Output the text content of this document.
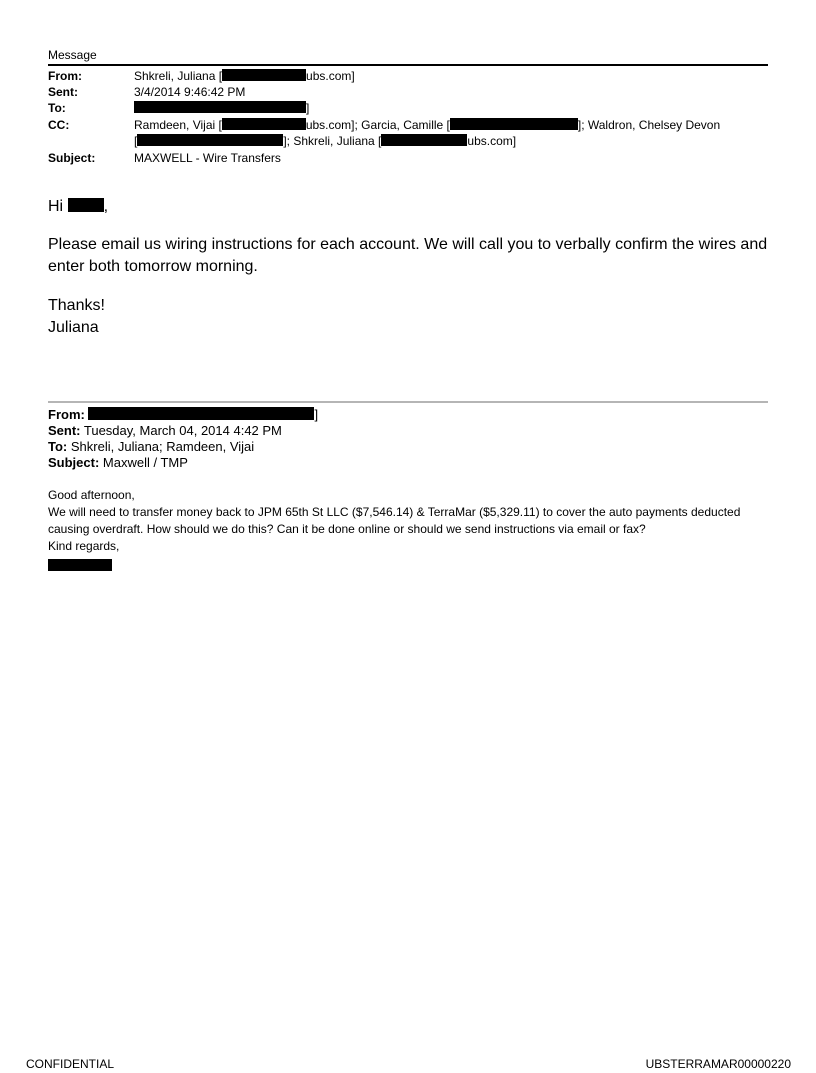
Message
From:	Shkreli, Juliana [	ubs.com]
Sent:	3/4/2014 9:46:42 PM
To:	]
CC:	Ramdeen, Vijai [	ubs.com]; Garcia, Camille [	]; Waldron, Chelsey Devon
[	]; Shkreli, Juliana [	ubs.com]
Subject:	MAXWELL - Wire Transfers
Hi	,
Please email us wiring instructions for each account. We will call you to verbally confirm the wires and enter both tomorrow morning.
Thanks!
Juliana
From:	]
Sent: Tuesday, March 04, 2014 4:42 PM
To: Shkreli, Juliana; Ramdeen, Vijai
Subject: Maxwell / TMP
Good afternoon,
We will need to transfer money back to JPM 65th St LLC ($7,546.14) & TerraMar ($5,329.11) to cover the auto payments deducted causing overdraft. How should we do this? Can it be done online or should we send instructions via email or fax?
Kind regards,
CONFIDENTIAL	UBSTERRAMAR00000220
